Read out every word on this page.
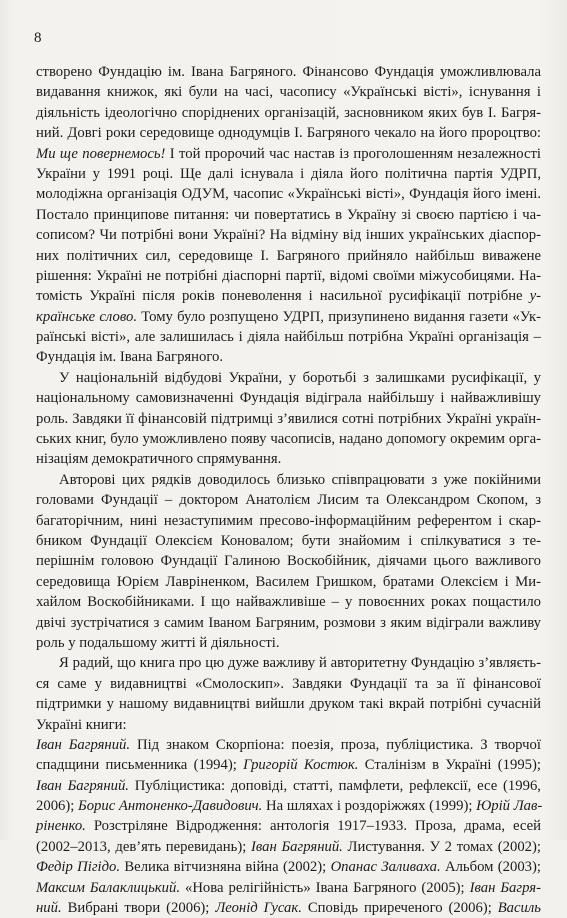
8
створено Фундацію ім. Івана Багряного. Фінансово Фундація уможливлювала
видавання книжок, які були на часі, часопису «Українські вісті», існування і
діяльність ідеологічно споріднених організацій, засновником яких був І. Багря-
ний. Довгі роки середовище однодумців І. Багряного чекало на його пророцтво:
Ми ще повернемось! І той пророчий час настав із проголошенням незалежності
України у 1991 році. Ще далі існувала і діяла його політична партія УДРП,
молодіжна організація ОДУМ, часопис «Українські вісті», Фундація його імені.
Постало принципове питання: чи повертатись в Україну зі своєю партією і ча-
сописом? Чи потрібні вони Україні? На відміну від інших українських діаспор-
них політичних сил, середовище І. Багряного прийняло найбільш виважене
рішення: Україні не потрібні діаспорні партії, відомі своїми міжусобицями. На-
томість Україні після років поневолення і насильної русифікації потрібне у-
країнське слово. Тому було розпущено УДРП, призупинено видання газети «Ук-
раїнські вісті», але залишилась і діяла найбільш потрібна Україні організація –
Фундація ім. Івана Багряного.
У національній відбудові України, у боротьбі з залишками русифікації, у
національному самовизначенні Фундація відіграла найбільшу і найважливішу
роль. Завдяки її фінансовій підтримці з’явилися сотні потрібних Україні україн-
ських книг, було уможливлено появу часописів, надано допомогу окремим орга-
нізаціям демократичного спрямування.
Авторові цих рядків доводилось близько співпрацювати з уже покійними
головами Фундації – доктором Анатолієм Лисим та Олександром Скопом, з
багаторічним, нині незаступимим пресово-інформаційним референтом і скар-
бником Фундації Олексієм Коновалом; бути знайомим і спілкуватися з те-
перішнім головою Фундації Галиною Воскобійник, діячами цього важливого
середовища Юрієм Лавріненком, Василем Гришком, братами Олексієм і Ми-
хайлом Воскобійниками. І що найважливіше – у повоєнних роках пощастило
двічі зустрічатися з самим Іваном Багряним, розмови з яким відіграли важливу
роль у подальшому житті й діяльності.
Я радий, що книга про цю дуже важливу й авторитетну Фундацію з’являєть-
ся саме у видавництві «Смолоскип». Завдяки Фундації та за її фінансової
підтримки у нашому видавництві вийшли друком такі вкрай потрібні сучасній
Україні книги:
Іван Багряний. Під знаком Скорпіона: поезія, проза, публіцистика. З творчої
спадщини письменника (1994); Григорій Костюк. Сталінізм в Україні (1995);
Іван Багряний. Публіцистика: доповіді, статті, памфлети, рефлексії, есе (1996,
2006); Борис Антоненко-Давидович. На шляхах і роздоріжжях (1999); Юрій Лав-
ріненко. Розстріляне Відродження: антологія 1917–1933. Проза, драма, есей
(2002–2013, дев’ять перевидань); Іван Багряний. Листування. У 2 томах (2002);
Федір Пігідо. Велика вітчизняна війна (2002); Опанас Заливаха. Альбом (2003);
Максим Балаклицький. «Нова релігійність» Івана Багряного (2005); Іван Багря-
ний. Вибрані твори (2006); Леонід Гусак. Сповідь приреченого (2006); Василь
